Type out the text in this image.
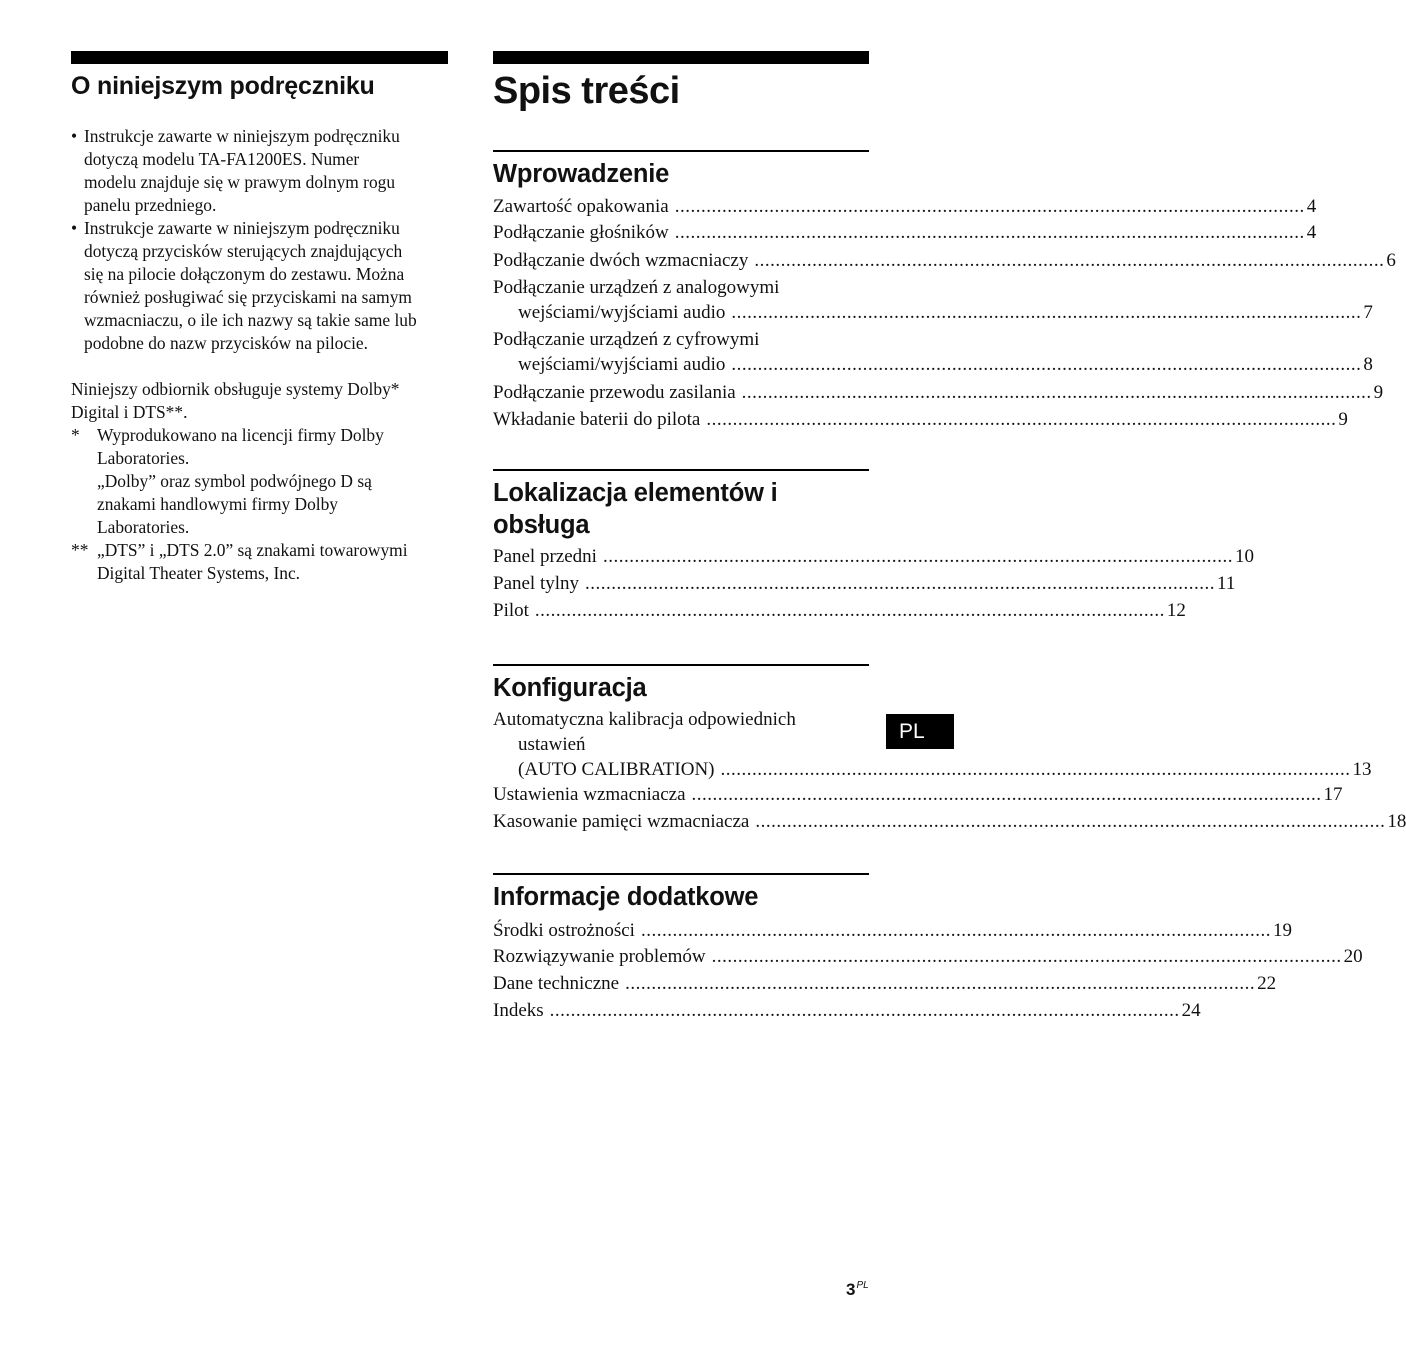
O niniejszym podręczniku
• Instrukcje zawarte w niniejszym podręczniku
dotyczą modelu TA-FA1200ES. Numer
modelu znajduje się w prawym dolnym rogu
panelu przedniego.
• Instrukcje zawarte w niniejszym podręczniku
dotyczą przycisków sterujących znajdujących
się na pilocie dołączonym do zestawu. Można
również posługiwać się przyciskami na samym
wzmacniaczu, o ile ich nazwy są takie same lub
podobne do nazw przycisków na pilocie.
Niniejszy odbiornik obsługuje systemy Dolby*
Digital i DTS**.
* Wyprodukowano na licencji firmy Dolby
Laboratories.
„Dolby” oraz symbol podwójnego D są
znakami handlowymi firmy Dolby
Laboratories.
** „DTS” i „DTS 2.0” są znakami towarowymi
Digital Theater Systems, Inc.
Spis treści
Wprowadzenie
Zawartość opakowania ........................................................................................................................ 4
Podłączanie głośników ........................................................................................................................ 4
Podłączanie dwóch wzmacniaczy ........................................................................................................................ 6
Podłączanie urządzeń z analogowymi
wejściami/wyjściami audio ........................................................................................................................ 7
Podłączanie urządzeń z cyfrowymi
wejściami/wyjściami audio ........................................................................................................................ 8
Podłączanie przewodu zasilania ........................................................................................................................ 9
Wkładanie baterii do pilota ........................................................................................................................ 9
Lokalizacja elementów i
obsługa
Panel przedni ........................................................................................................................ 10
Panel tylny ........................................................................................................................ 11
Pilot ........................................................................................................................ 12
Konfiguracja
Automatyczna kalibracja odpowiednich
ustawień
(AUTO CALIBRATION) ........................................................................................................................ 13
Ustawienia wzmacniacza ........................................................................................................................ 17
Kasowanie pamięci wzmacniacza ........................................................................................................................ 18
Informacje dodatkowe
Środki ostrożności ........................................................................................................................ 19
Rozwiązywanie problemów ........................................................................................................................ 20
Dane techniczne ........................................................................................................................ 22
Indeks ........................................................................................................................ 24
PL
$3^{PL}$
